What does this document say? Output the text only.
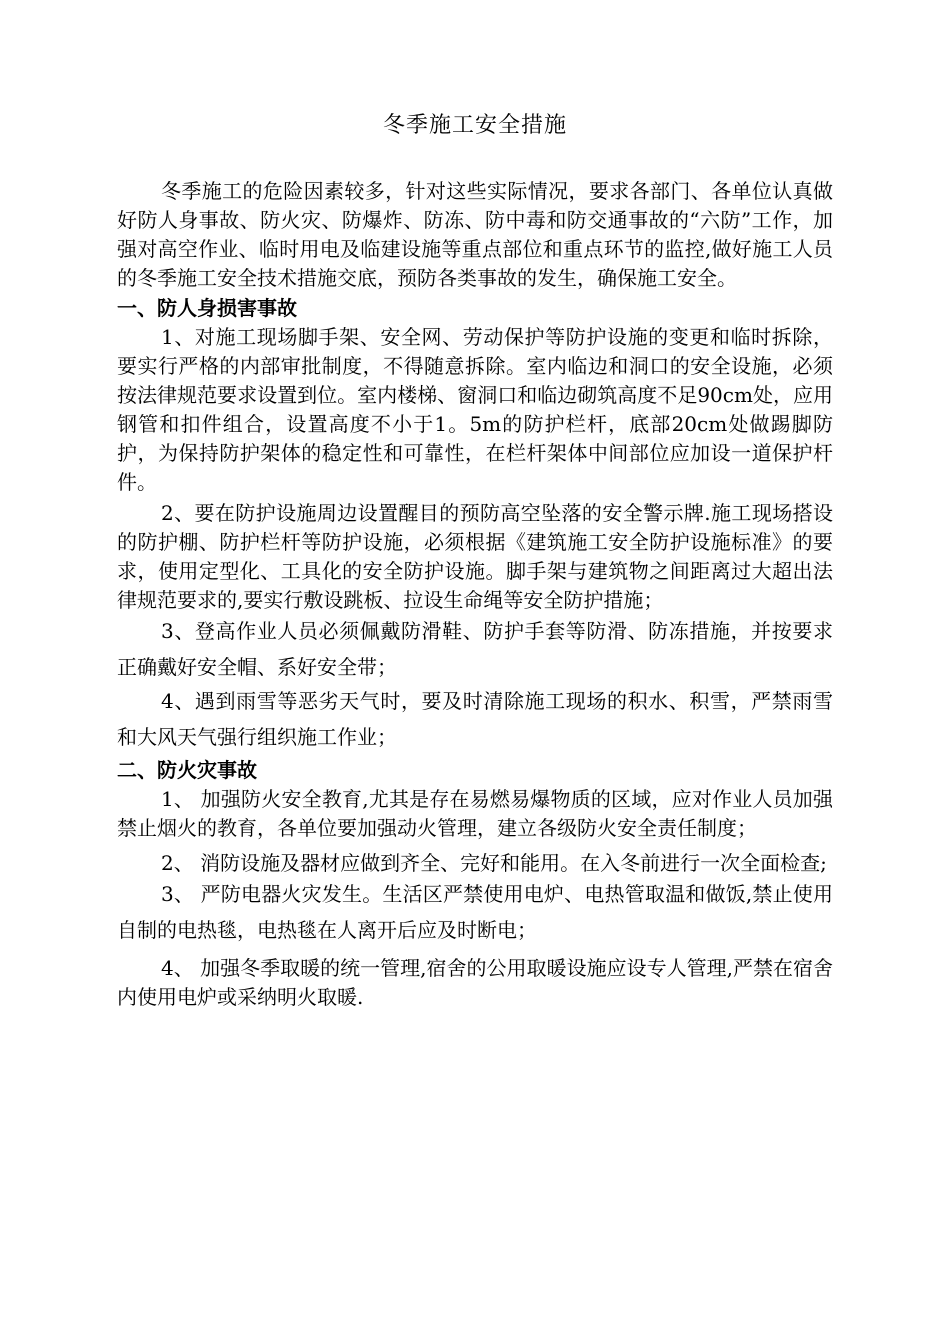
冬季施工安全措施

冬季施工的危险因素较多，针对这些实际情况，要求各部门、各单位认真做好防人身事故、防火灾、防爆炸、防冻、防中毒和防交通事故的“六防”工作，加强对高空作业、临时用电及临建设施等重点部位和重点环节的监控,做好施工人员的冬季施工安全技术措施交底，预防各类事故的发生，确保施工安全。

一、防人身损害事故

1、对施工现场脚手架、安全网、劳动保护等防护设施的变更和临时拆除，要实行严格的内部审批制度，不得随意拆除。室内临边和洞口的安全设施，必须按法律规范要求设置到位。室内楼梯、窗洞口和临边砌筑高度不足90cm处，应用钢管和扣件组合，设置高度不小于1。5m的防护栏杆，底部20cm处做踢脚防护，为保持防护架体的稳定性和可靠性，在栏杆架体中间部位应加设一道保护杆件。

2、要在防护设施周边设置醒目的预防高空坠落的安全警示牌.施工现场搭设的防护棚、防护栏杆等防护设施，必须根据《建筑施工安全防护设施标准》的要求，使用定型化、工具化的安全防护设施。脚手架与建筑物之间距离过大超出法律规范要求的,要实行敷设跳板、拉设生命绳等安全防护措施；

3、登高作业人员必须佩戴防滑鞋、防护手套等防滑、防冻措施，并按要求正确戴好安全帽、系好安全带；

4、遇到雨雪等恶劣天气时，要及时清除施工现场的积水、积雪，严禁雨雪和大风天气强行组织施工作业；

二、防火灾事故

1、 加强防火安全教育,尤其是存在易燃易爆物质的区域，应对作业人员加强禁止烟火的教育，各单位要加强动火管理，建立各级防火安全责任制度；

2、 消防设施及器材应做到齐全、完好和能用。在入冬前进行一次全面检查;

3、 严防电器火灾发生。生活区严禁使用电炉、电热管取温和做饭,禁止使用自制的电热毯，电热毯在人离开后应及时断电；

4、 加强冬季取暖的统一管理,宿舍的公用取暖设施应设专人管理,严禁在宿舍内使用电炉或采纳明火取暖.
